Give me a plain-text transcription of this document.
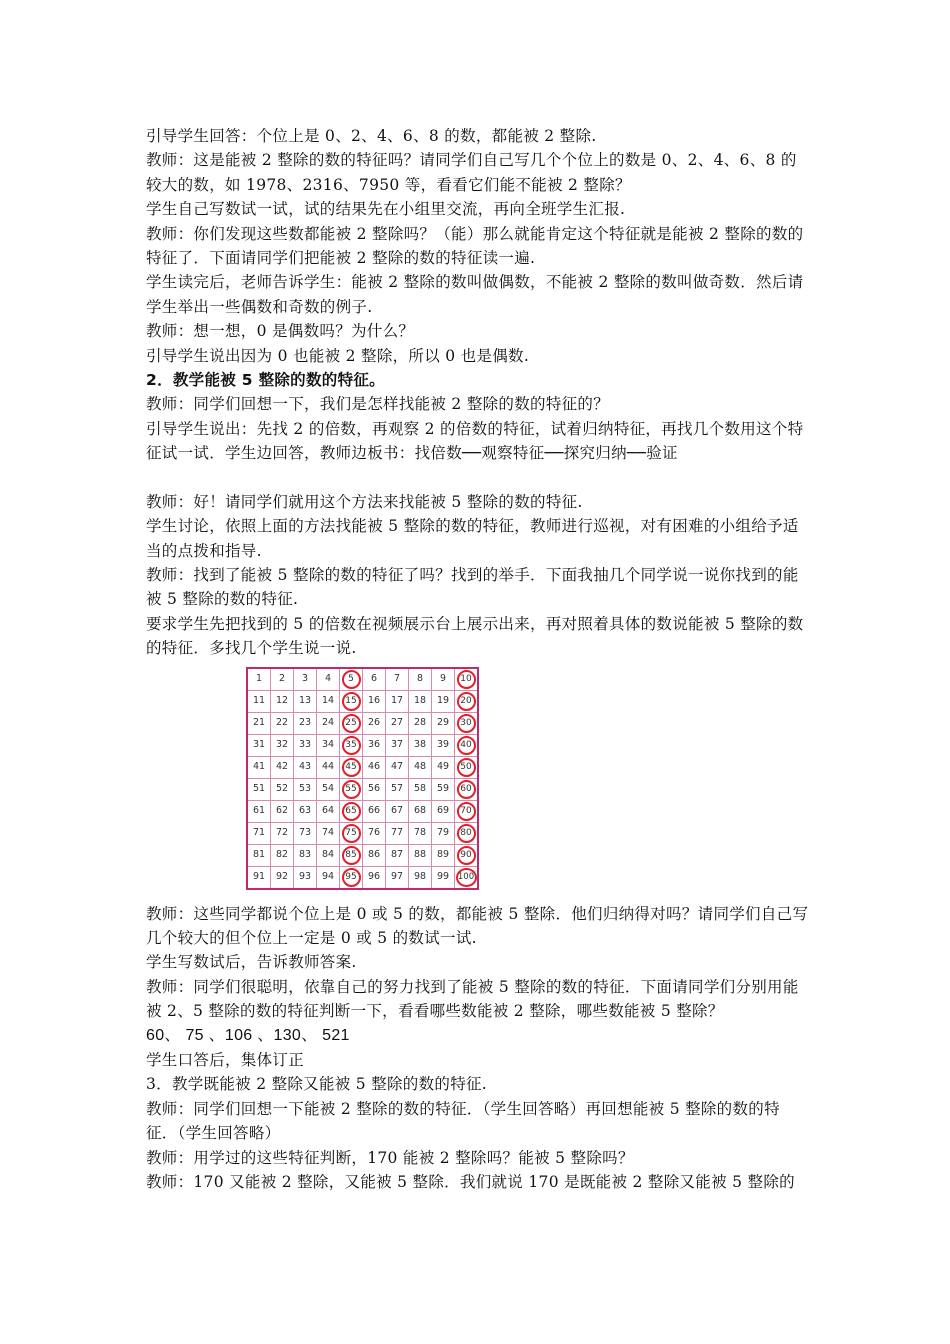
引导学生回答：个位上是 0、2、4、6、8 的数，都能被 2 整除.

教师：这是能被 2 整除的数的特征吗？请同学们自己写几个个位上的数是 0、2、4、6、8 的较大的数，如 1978、2316、7950 等，看看它们能不能被 2 整除？

学生自己写数试一试，试的结果先在小组里交流，再向全班学生汇报.

教师：你们发现这些数都能被 2 整除吗？（能）那么就能肯定这个特征就是能被 2 整除的数的特征了．下面请同学们把能被 2 整除的数的特征读一遍.

学生读完后，老师告诉学生：能被 2 整除的数叫做偶数，不能被 2 整除的数叫做奇数．然后请学生举出一些偶数和奇数的例子.

教师：想一想，0 是偶数吗？为什么？

引导学生说出因为 0 也能被 2 整除，所以 0 也是偶数.

2．教学能被 5 整除的数的特征。

教师：同学们回想一下，我们是怎样找能被 2 整除的数的特征的？

引导学生说出：先找 2 的倍数，再观察 2 的倍数的特征，试着归纳特征，再找几个数用这个特征试一试．学生边回答，教师边板书：找倍数──观察特征──探究归纳──验证

教师：好！请同学们就用这个方法来找能被 5 整除的数的特征.

学生讨论，依照上面的方法找能被 5 整除的数的特征，教师进行巡视，对有困难的小组给予适当的点拨和指导.

教师：找到了能被 5 整除的数的特征了吗？找到的举手．下面我抽几个同学说一说你找到的能被 5 整除的数的特征.

要求学生先把找到的 5 的倍数在视频展示台上展示出来，再对照着具体的数说能被 5 整除的数的特征．多找几个学生说一说.

1	2	3	4	5	6	7	8	9	10
11	12	13	14	15	16	17	18	19	20
21	22	23	24	25	26	27	28	29	30
31	32	33	34	35	36	37	38	39	40
41	42	43	44	45	46	47	48	49	50
51	52	53	54	55	56	57	58	59	60
61	62	63	64	65	66	67	68	69	70
71	72	73	74	75	76	77	78	79	80
81	82	83	84	85	86	87	88	89	90
91	92	93	94	95	96	97	98	99	100

教师：这些同学都说个位上是 0 或 5 的数，都能被 5 整除．他们归纳得对吗？请同学们自己写几个较大的但个位上一定是 0 或 5 的数试一试.

学生写数试后，告诉教师答案.

教师：同学们很聪明，依靠自己的努力找到了能被 5 整除的数的特征．下面请同学们分别用能被 2、5 整除的数的特征判断一下，看看哪些数能被 2 整除，哪些数能被 5 整除？

60、 75 、106 、130、 521

学生口答后，集体订正

3．教学既能被 2 整除又能被 5 整除的数的特征.

教师：同学们回想一下能被 2 整除的数的特征．（学生回答略）再回想能被 5 整除的数的特征．（学生回答略）

教师：用学过的这些特征判断，170 能被 2 整除吗？能被 5 整除吗？

教师：170 又能被 2 整除，又能被 5 整除．我们就说 170 是既能被 2 整除又能被 5 整除的
